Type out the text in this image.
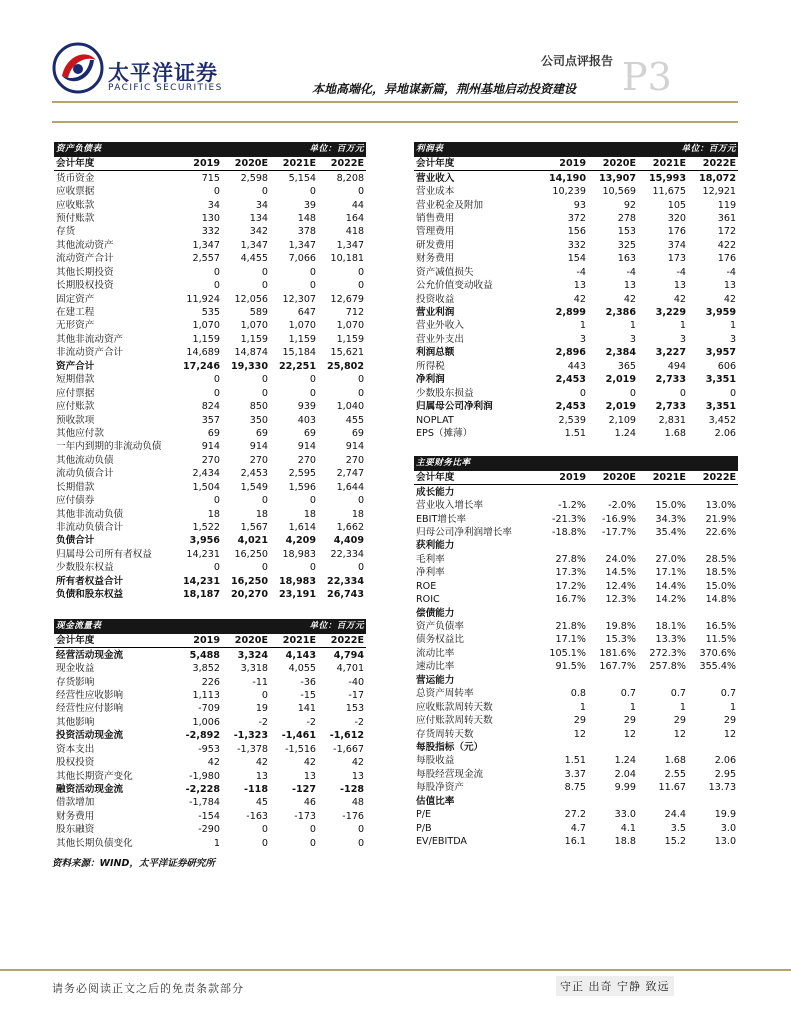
太平洋证券
PACIFIC SECURITIES
公司点评报告 P3
本地高端化，异地谋新篇，荆州基地启动投资建设
资产负债表			单位：百万元	
会计年度	2019	2020E	2021E	2022E
货币资金	715	2,598	5,154	8,208
应收票据	0	0	0	0
应收账款	34	34	39	44
预付账款	130	134	148	164
存货	332	342	378	418
其他流动资产	1,347	1,347	1,347	1,347
流动资产合计	2,557	4,455	7,066	10,181
其他长期投资	0	0	0	0
长期股权投资	0	0	0	0
固定资产	11,924	12,056	12,307	12,679
在建工程	535	589	647	712
无形资产	1,070	1,070	1,070	1,070
其他非流动资产	1,159	1,159	1,159	1,159
非流动资产合计	14,689	14,874	15,184	15,621
资产合计	17,246	19,330	22,251	25,802
短期借款	0	0	0	0
应付票据	0	0	0	0
应付账款	824	850	939	1,040
预收款项	357	350	403	455
其他应付款	69	69	69	69
一年内到期的非流动负债	914	914	914	914
其他流动负债	270	270	270	270
流动负债合计	2,434	2,453	2,595	2,747
长期借款	1,504	1,549	1,596	1,644
应付债券	0	0	0	0
其他非流动负债	18	18	18	18
非流动负债合计	1,522	1,567	1,614	1,662
负债合计	3,956	4,021	4,209	4,409
归属母公司所有者权益	14,231	16,250	18,983	22,334
少数股东权益	0	0	0	0
所有者权益合计	14,231	16,250	18,983	22,334
负债和股东权益	18,187	20,270	23,191	26,743
现金流量表			单位：百万元	
会计年度	2019	2020E	2021E	2022E
经营活动现金流	5,488	3,324	4,143	4,794
现金收益	3,852	3,318	4,055	4,701
存货影响	226	-11	-36	-40
经营性应收影响	1,113	0	-15	-17
经营性应付影响	-709	19	141	153
其他影响	1,006	-2	-2	-2
投资活动现金流	-2,892	-1,323	-1,461	-1,612
资本支出	-953	-1,378	-1,516	-1,667
股权投资	42	42	42	42
其他长期资产变化	-1,980	13	13	13
融资活动现金流	-2,228	-118	-127	-128
借款增加	-1,784	45	46	48
财务费用	-154	-163	-173	-176
股东融资	-290	0	0	0
其他长期负债变化	1	0	0	0
利润表			单位：百万元	
会计年度	2019	2020E	2021E	2022E
营业收入	14,190	13,907	15,993	18,072
营业成本	10,239	10,569	11,675	12,921
营业税金及附加	93	92	105	119
销售费用	372	278	320	361
管理费用	156	153	176	172
研发费用	332	325	374	422
财务费用	154	163	173	176
资产减值损失	-4	-4	-4	-4
公允价值变动收益	13	13	13	13
投资收益	42	42	42	42
营业利润	2,899	2,386	3,229	3,959
营业外收入	1	1	1	1
营业外支出	3	3	3	3
利润总额	2,896	2,384	3,227	3,957
所得税	443	365	494	606
净利润	2,453	2,019	2,733	3,351
少数股东损益	0	0	0	0
归属母公司净利润	2,453	2,019	2,733	3,351
NOPLAT	2,539	2,109	2,831	3,452
EPS（摊薄）	1.51	1.24	1.68	2.06
主要财务比率				
会计年度	2019	2020E	2021E	2022E
成长能力				
营业收入增长率	-1.2%	-2.0%	15.0%	13.0%
EBIT增长率	-21.3%	-16.9%	34.3%	21.9%
归母公司净利润增长率	-18.8%	-17.7%	35.4%	22.6%
获利能力				
毛利率	27.8%	24.0%	27.0%	28.5%
净利率	17.3%	14.5%	17.1%	18.5%
ROE	17.2%	12.4%	14.4%	15.0%
ROIC	16.7%	12.3%	14.2%	14.8%
偿债能力				
资产负债率	21.8%	19.8%	18.1%	16.5%
债务权益比	17.1%	15.3%	13.3%	11.5%
流动比率	105.1%	181.6%	272.3%	370.6%
速动比率	91.5%	167.7%	257.8%	355.4%
营运能力				
总资产周转率	0.8	0.7	0.7	0.7
应收账款周转天数	1	1	1	1
应付账款周转天数	29	29	29	29
存货周转天数	12	12	12	12
每股指标（元）				
每股收益	1.51	1.24	1.68	2.06
每股经营现金流	3.37	2.04	2.55	2.95
每股净资产	8.75	9.99	11.67	13.73
估值比率				
P/E	27.2	33.0	24.4	19.9
P/B	4.7	4.1	3.5	3.0
EV/EBITDA	16.1	18.8	15.2	13.0
资料来源：WIND，太平洋证券研究所
请务必阅读正文之后的免责条款部分	守正 出奇 宁静 致远
